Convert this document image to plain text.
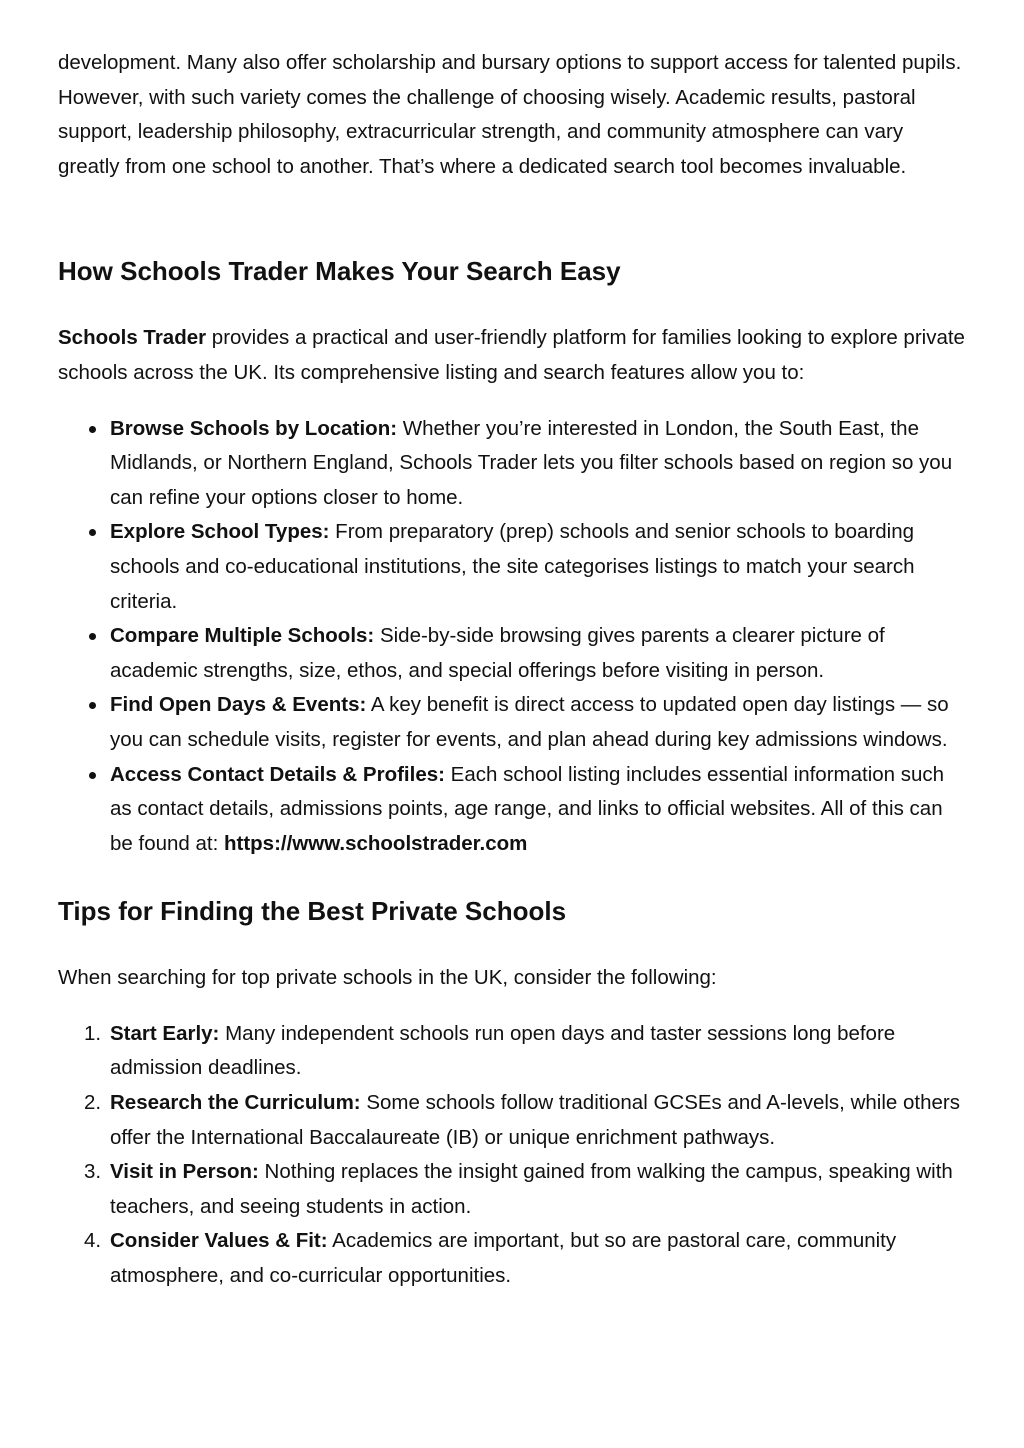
development. Many also offer scholarship and bursary options to support access for talented pupils.

However, with such variety comes the challenge of choosing wisely. Academic results, pastoral support, leadership philosophy, extracurricular strength, and community atmosphere can vary greatly from one school to another. That’s where a dedicated search tool becomes invaluable.

How Schools Trader Makes Your Search Easy

Schools Trader provides a practical and user-friendly platform for families looking to explore private schools across the UK. Its comprehensive listing and search features allow you to:

Browse Schools by Location: Whether you’re interested in London, the South East, the Midlands, or Northern England, Schools Trader lets you filter schools based on region so you can refine your options closer to home.
Explore School Types: From preparatory (prep) schools and senior schools to boarding schools and co-educational institutions, the site categorises listings to match your search criteria.
Compare Multiple Schools: Side-by-side browsing gives parents a clearer picture of academic strengths, size, ethos, and special offerings before visiting in person.
Find Open Days & Events: A key benefit is direct access to updated open day listings — so you can schedule visits, register for events, and plan ahead during key admissions windows.
Access Contact Details & Profiles: Each school listing includes essential information such as contact details, admissions points, age range, and links to official websites. All of this can be found at: https://www.schoolstrader.com
Tips for Finding the Best Private Schools

When searching for top private schools in the UK, consider the following:

1. Start Early: Many independent schools run open days and taster sessions long before admission deadlines.
2. Research the Curriculum: Some schools follow traditional GCSEs and A-levels, while others offer the International Baccalaureate (IB) or unique enrichment pathways.
3. Visit in Person: Nothing replaces the insight gained from walking the campus, speaking with teachers, and seeing students in action.
4. Consider Values & Fit: Academics are important, but so are pastoral care, community atmosphere, and co-curricular opportunities.
